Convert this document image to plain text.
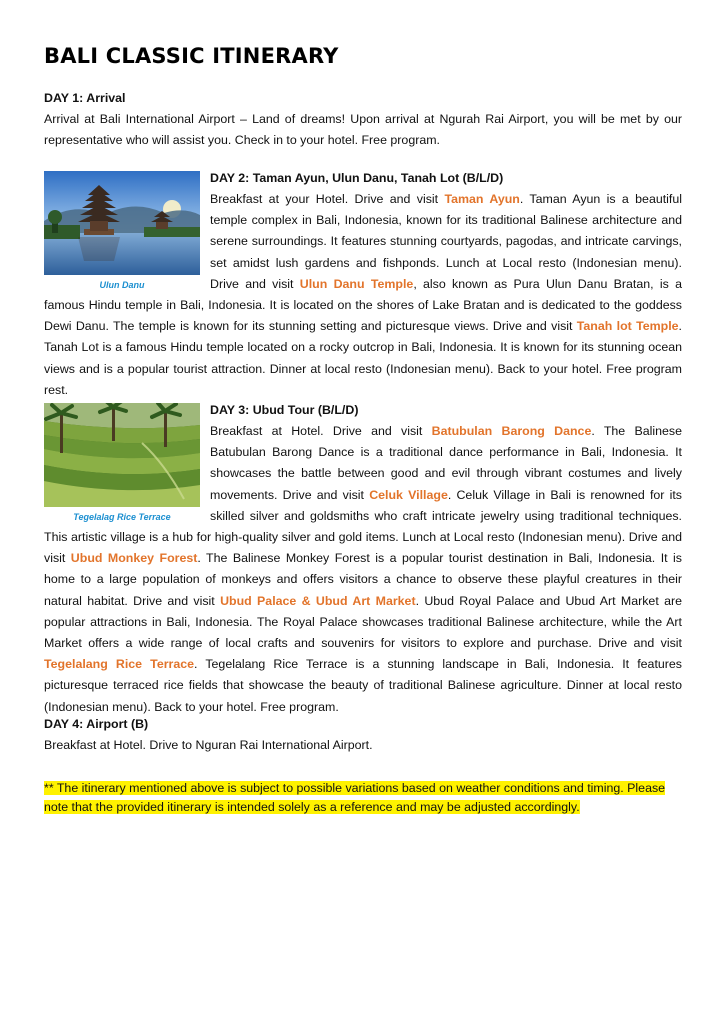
BALI CLASSIC ITINERARY

DAY 1: Arrival

Arrival at Bali International Airport – Land of dreams! Upon arrival at Ngurah Rai Airport, you will be met by our representative who will assist you. Check in to your hotel. Free program.

Ulun Danu

DAY 2: Taman Ayun, Ulun Danu, Tanah Lot (B/L/D)

Breakfast at your Hotel. Drive and visit Taman Ayun. Taman Ayun is a beautiful temple complex in Bali, Indonesia, known for its traditional Balinese architecture and serene surroundings. It features stunning courtyards, pagodas, and intricate carvings, set amidst lush gardens and fishponds. Lunch at Local resto (Indonesian menu). Drive and visit Ulun Danu Temple, also known as Pura Ulun Danu Bratan, is a famous Hindu temple in Bali, Indonesia. It is located on the shores of Lake Bratan and is dedicated to the goddess Dewi Danu. The temple is known for its stunning setting and picturesque views. Drive and visit Tanah lot Temple. Tanah Lot is a famous Hindu temple located on a rocky outcrop in Bali, Indonesia. It is known for its stunning ocean views and is a popular tourist attraction. Dinner at local resto (Indonesian menu). Back to your hotel. Free program rest.

Tegelalag Rice Terrace

DAY 3: Ubud Tour (B/L/D)

Breakfast at Hotel. Drive and visit Batubulan Barong Dance. The Balinese Batubulan Barong Dance is a traditional dance performance in Bali, Indonesia. It showcases the battle between good and evil through vibrant costumes and lively movements. Drive and visit Celuk Village. Celuk Village in Bali is renowned for its skilled silver and goldsmiths who craft intricate jewelry using traditional techniques. This artistic village is a hub for high-quality silver and gold items. Lunch at Local resto (Indonesian menu). Drive and visit Ubud Monkey Forest. The Balinese Monkey Forest is a popular tourist destination in Bali, Indonesia. It is home to a large population of monkeys and offers visitors a chance to observe these playful creatures in their natural habitat. Drive and visit Ubud Palace & Ubud Art Market. Ubud Royal Palace and Ubud Art Market are popular attractions in Bali, Indonesia. The Royal Palace showcases traditional Balinese architecture, while the Art Market offers a wide range of local crafts and souvenirs for visitors to explore and purchase. Drive and visit Tegelalang Rice Terrace. Tegelalang Rice Terrace is a stunning landscape in Bali, Indonesia. It features picturesque terraced rice fields that showcase the beauty of traditional Balinese agriculture. Dinner at local resto (Indonesian menu). Back to your hotel. Free program.

DAY 4: Airport (B)

Breakfast at Hotel. Drive to Nguran Rai International Airport.

** The itinerary mentioned above is subject to possible variations based on weather conditions and timing. Please note that the provided itinerary is intended solely as a reference and may be adjusted accordingly.
